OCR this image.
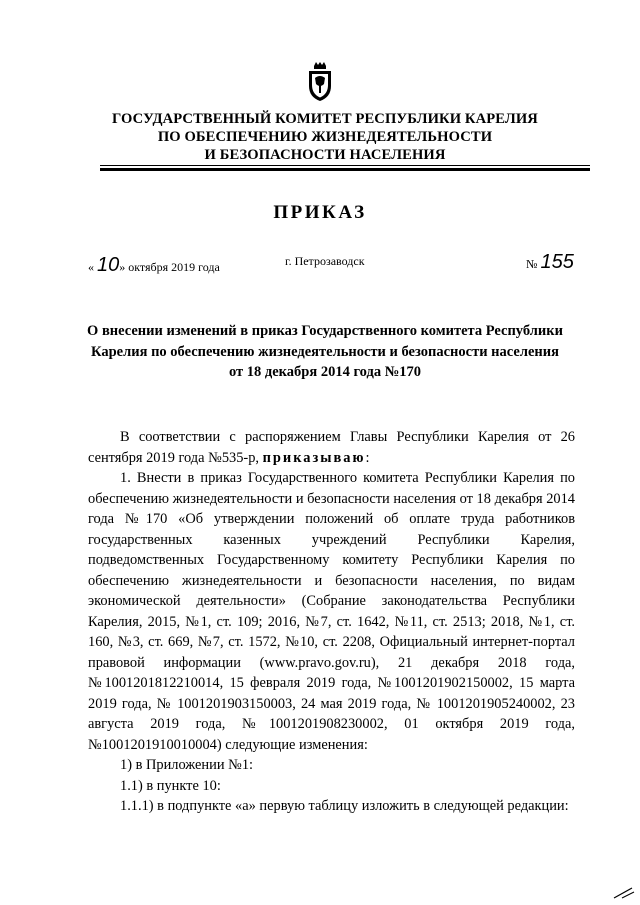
ГОСУДАРСТВЕННЫЙ КОМИТЕТ РЕСПУБЛИКИ КАРЕЛИЯ
ПО ОБЕСПЕЧЕНИЮ ЖИЗНЕДЕЯТЕЛЬНОСТИ
И БЕЗОПАСНОСТИ НАСЕЛЕНИЯ
ПРИКАЗ
« 10» октября 2019 года	г. Петрозаводск	№ 155
О внесении изменений в приказ Государственного комитета Республики
Карелия по обеспечению жизнедеятельности и безопасности населения
от 18 декабря 2014 года №170

В соответствии с распоряжением Главы Республики Карелия от 26 сентября 2019 года №535-р, приказываю:

1. Внести в приказ Государственного комитета Республики Карелия по обеспечению жизнедеятельности и безопасности населения от 18 декабря 2014 года №170 «Об утверждении положений об оплате труда работников государственных казенных учреждений Республики Карелия, подведомственных Государственному комитету Республики Карелия по обеспечению жизнедеятельности и безопасности населения, по видам экономической деятельности» (Собрание законодательства Республики Карелия, 2015, №1, ст. 109; 2016, №7, ст. 1642, №11, ст. 2513; 2018, №1, ст. 160, №3, ст. 669, №7, ст. 1572, №10, ст. 2208, Официальный интернет-портал правовой информации (www.pravo.gov.ru), 21 декабря 2018 года, №1001201812210014, 15 февраля 2019 года, №1001201902150002, 15 марта 2019 года, № 1001201903150003, 24 мая 2019 года, № 1001201905240002, 23 августа 2019 года, №1001201908230002, 01 октября 2019 года, №1001201910010004) следующие изменения:

1) в Приложении №1:

1.1) в пункте 10:

1.1.1) в подпункте «а» первую таблицу изложить в следующей редакции:
